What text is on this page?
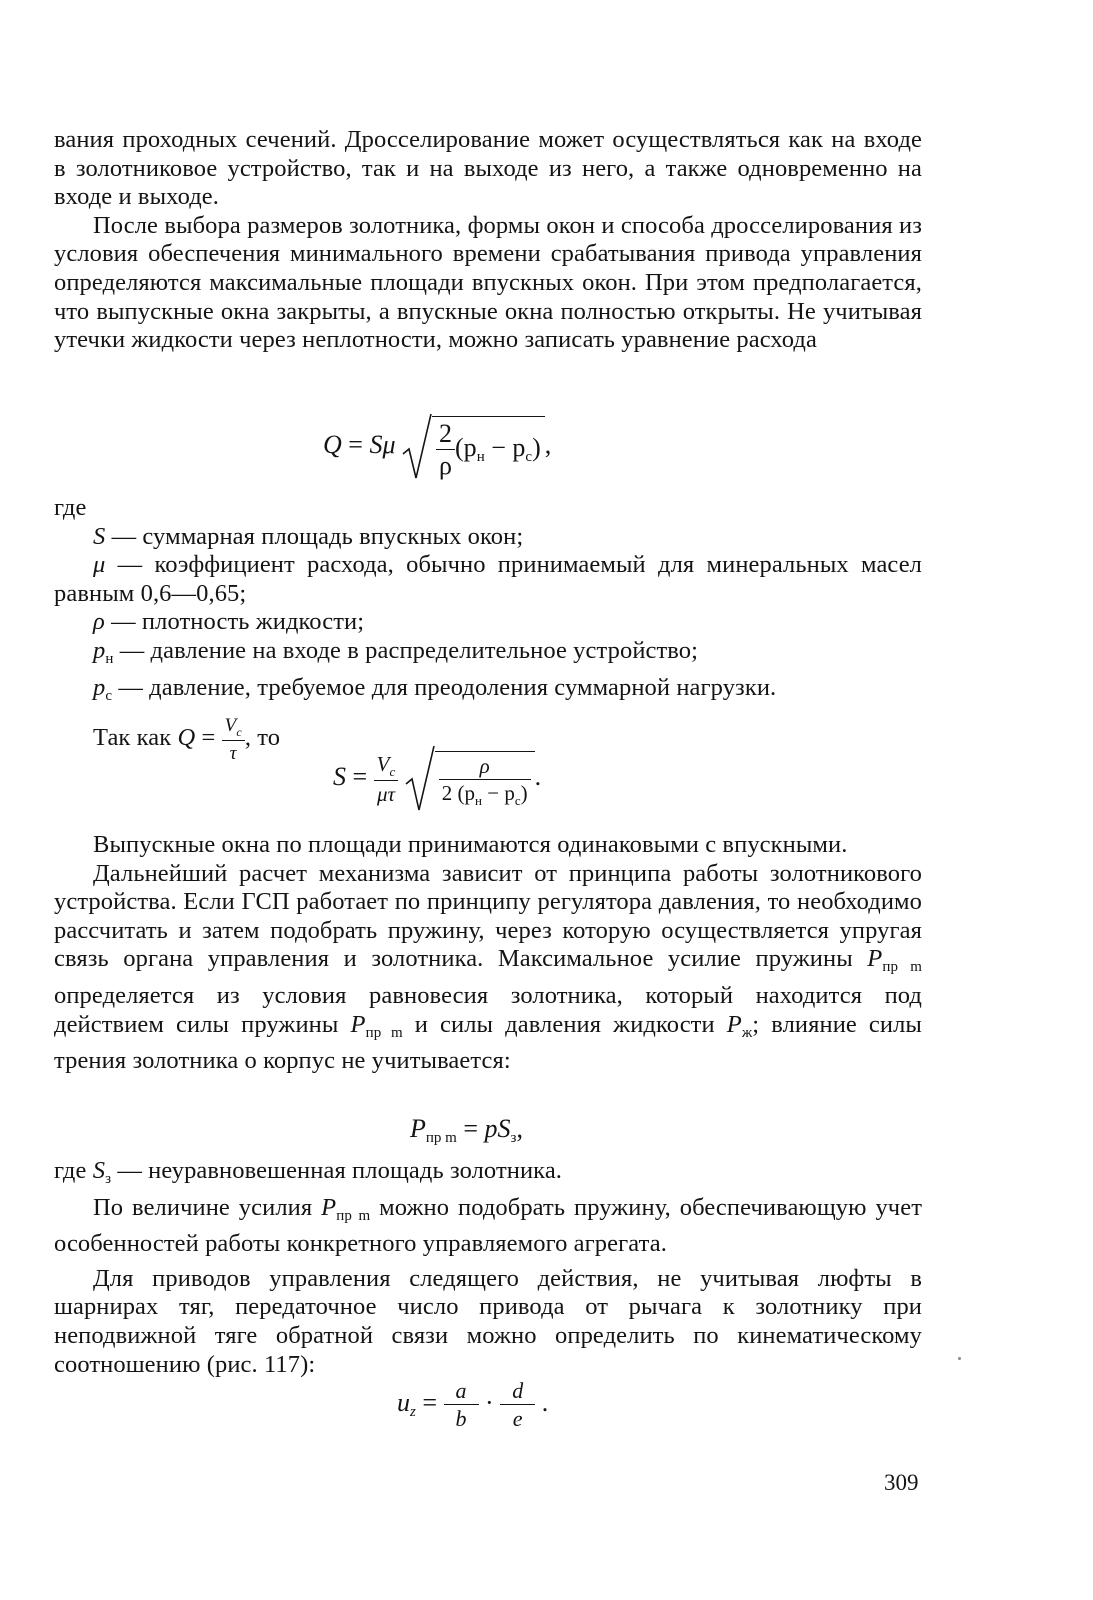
вания проходных сечений. Дросселирование может осуществляться как на входе в золотниковое устройство, так и на выходе из него, а также одновременно на входе и выходе.

После выбора размеров золотника, формы окон и способа дросселирования из условия обеспечения минимального времени срабатывания привода управления определяются максимальные площади впускных окон. При этом предполагается, что выпускные окна закрыты, а впускные окна полностью открыты. Не учитывая утечки жидкости через неплотности, можно записать уравнение расхода

Q = Sμ $\frac{2}{\rho} (p_н - p_с)$ ,

где

S — суммарная площадь впускных окон;

μ — коэффициент расхода, обычно принимаемый для минеральных масел равным 0,6—0,65;

ρ — плотность жидкости;

$p_н$ — давление на входе в распределительное устройство;

$p_с$ — давление, требуемое для преодоления суммарной нагрузки.

Так как $Q = \frac{V_с}{\tau}$ , то

$S = \frac{V_с}{\mu\tau}$
$\frac{\rho}{2 (p_н - p_с)}$ .

Выпускные окна по площади принимаются одинаковыми с впускными.

Дальнейший расчет механизма зависит от принципа работы золотникового устройства. Если ГСП работает по принципу регулятора давления, то необходимо рассчитать и затем подобрать пружину, через которую осуществляется упругая связь органа управления и золотника. Максимальное усилие пружины $P_{пр m}$ определяется из условия равновесия золотника, который находится под действием силы пружины $P_{пр m}$ и силы давления жидкости $P_ж$; влияние силы трения золотника о корпус не учитывается:

$P_{пр m} = pS_з$,

где $S_з$ — неуравновешенная площадь золотника.

По величине усилия $P_{пр m}$ можно подобрать пружину, обеспечивающую учет особенностей работы конкретного управляемого агрегата.

Для приводов управления следящего действия, не учитывая люфты в шарнирах тяг, передаточное число привода от рычага к золотнику при неподвижной тяге обратной связи можно определить по кинематическому соотношению (рис. 117):

$u_z = \frac{a}{b} \cdot \frac{d}{e}$ .
309
